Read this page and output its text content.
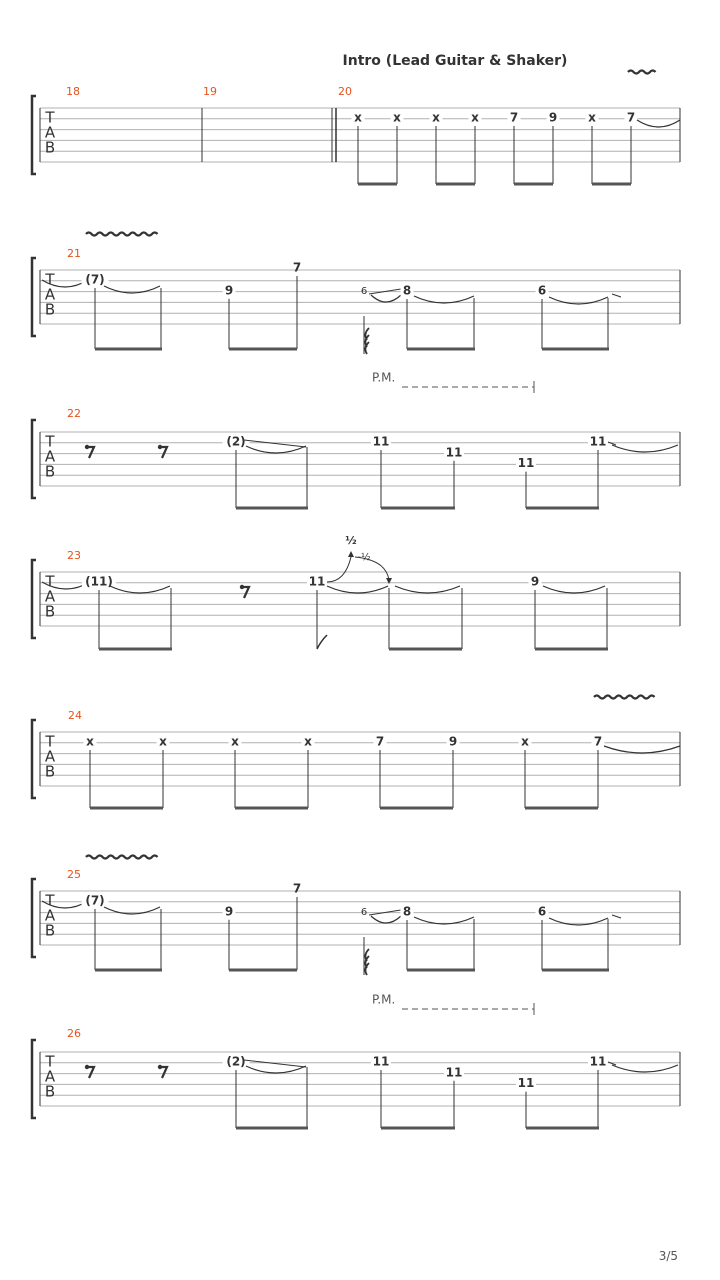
Intro (Lead Guitar & Shaker)
T
A
B
18	19	20
x	x	x	x	7	9	x	7
T
A
B
21
(7)
9
7
6	8	6
T
A
B
22
P.M.
(2)	11
11
11
11
T
A
B
23
(11)	11
½
-½
9
T
A
B
24
x	x	x	x	7	9	x	7
T
A
B
25
(7)
9
7
6	8	6
T
A
B
26
P.M.
(2)	11
11
11
11
3/5
